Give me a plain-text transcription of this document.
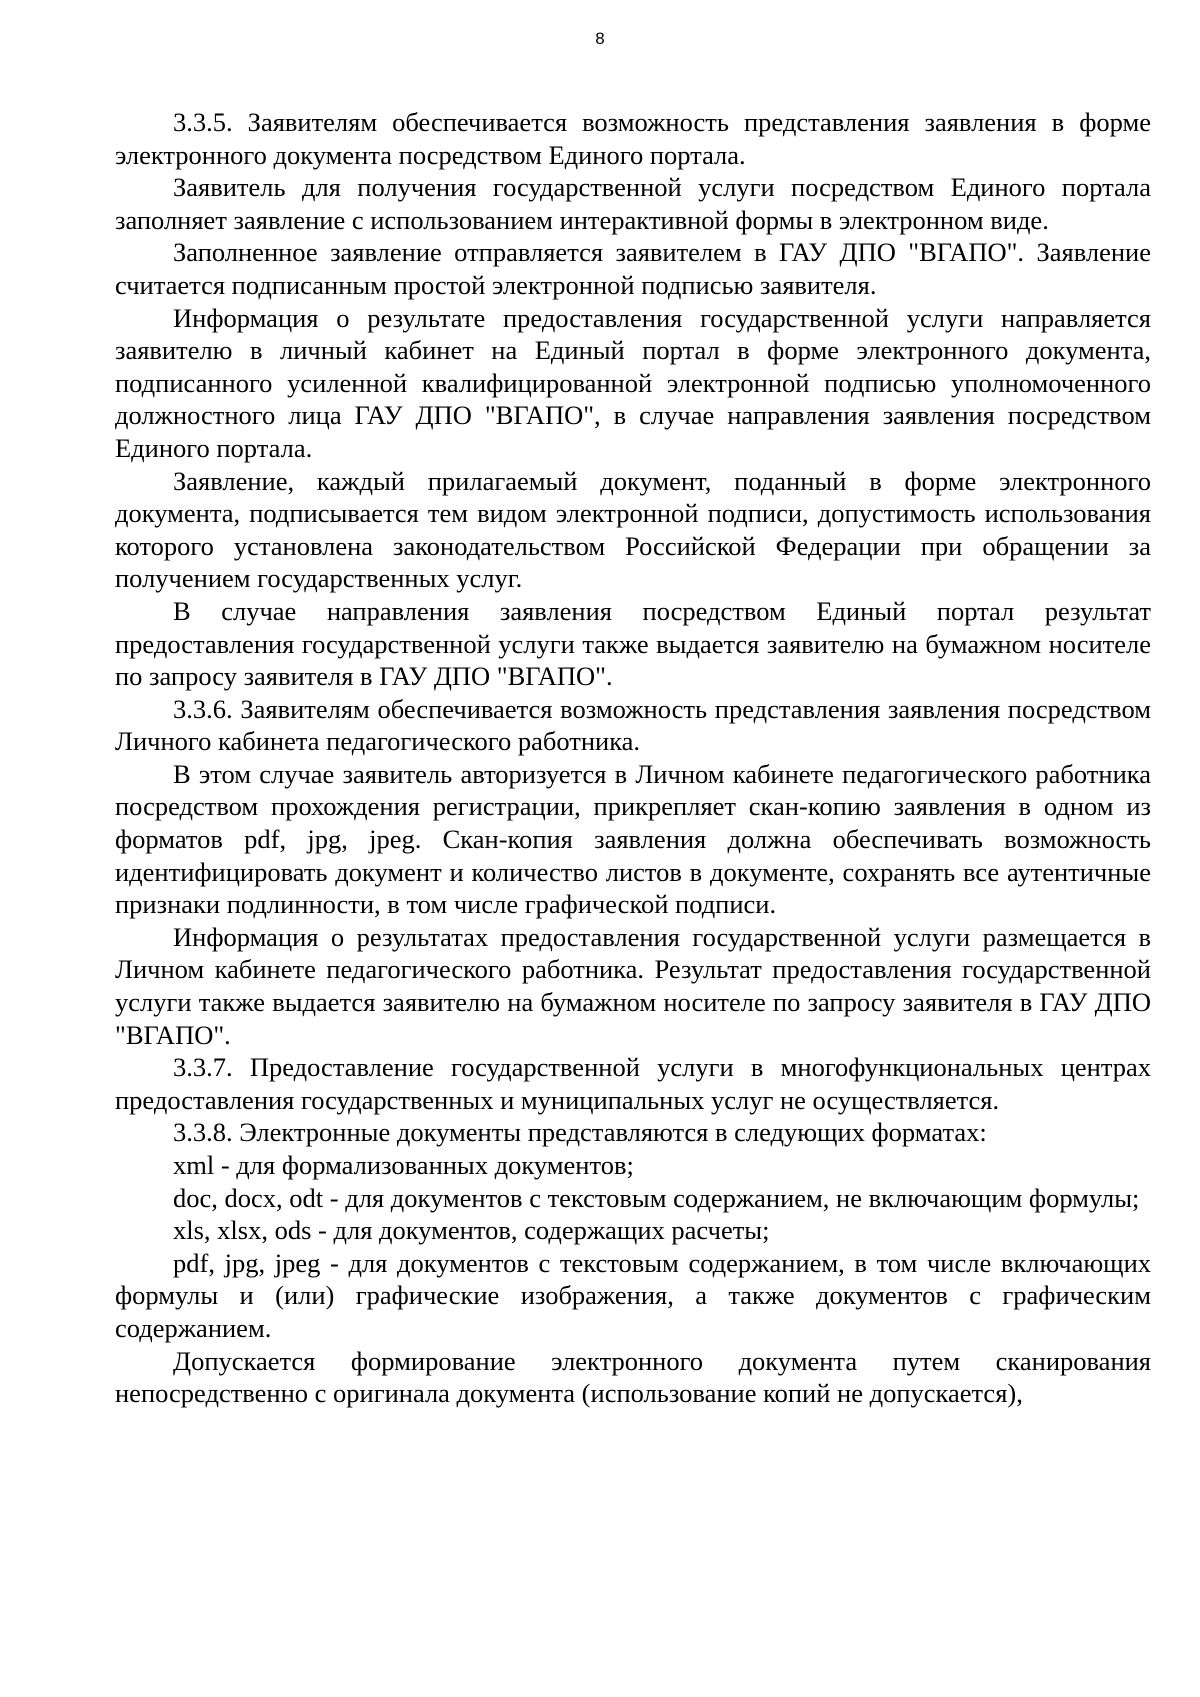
8

3.3.5. Заявителям обеспечивается возможность представления заявления в форме электронного документа посредством Единого портала.

Заявитель для получения государственной услуги посредством Единого портала заполняет заявление с использованием интерактивной формы в электронном виде.

Заполненное заявление отправляется заявителем в ГАУ ДПО "ВГАПО". Заявление считается подписанным простой электронной подписью заявителя.

Информация о результате предоставления государственной услуги направляется заявителю в личный кабинет на Единый портал в форме электронного документа, подписанного усиленной квалифицированной электронной подписью уполномоченного должностного лица ГАУ ДПО "ВГАПО", в случае направления заявления посредством Единого портала.

Заявление, каждый прилагаемый документ, поданный в форме электронного документа, подписывается тем видом электронной подписи, допустимость использования которого установлена законодательством Российской Федерации при обращении за получением государственных услуг.

В случае направления заявления посредством Единый портал результат предоставления государственной услуги также выдается заявителю на бумажном носителе по запросу заявителя в ГАУ ДПО "ВГАПО".

3.3.6. Заявителям обеспечивается возможность представления заявления посредством Личного кабинета педагогического работника.

В этом случае заявитель авторизуется в Личном кабинете педагогического работника посредством прохождения регистрации, прикрепляет скан-копию заявления в одном из форматов pdf, jpg, jpeg. Скан-копия заявления должна обеспечивать возможность идентифицировать документ и количество листов в документе, сохранять все аутентичные признаки подлинности, в том числе графической подписи.

Информация о результатах предоставления государственной услуги размещается в Личном кабинете педагогического работника. Результат предоставления государственной услуги также выдается заявителю на бумажном носителе по запросу заявителя в ГАУ ДПО "ВГАПО".

3.3.7. Предоставление государственной услуги в многофункциональных центрах предоставления государственных и муниципальных услуг не осуществляется.

3.3.8. Электронные документы представляются в следующих форматах:

xml - для формализованных документов;

doc, docx, odt - для документов с текстовым содержанием, не включающим формулы;

xls, xlsx, ods - для документов, содержащих расчеты;

pdf, jpg, jpeg - для документов с текстовым содержанием, в том числе включающих формулы и (или) графические изображения, а также документов с графическим содержанием.

Допускается формирование электронного документа путем сканирования непосредственно с оригинала документа (использование копий не допускается),
